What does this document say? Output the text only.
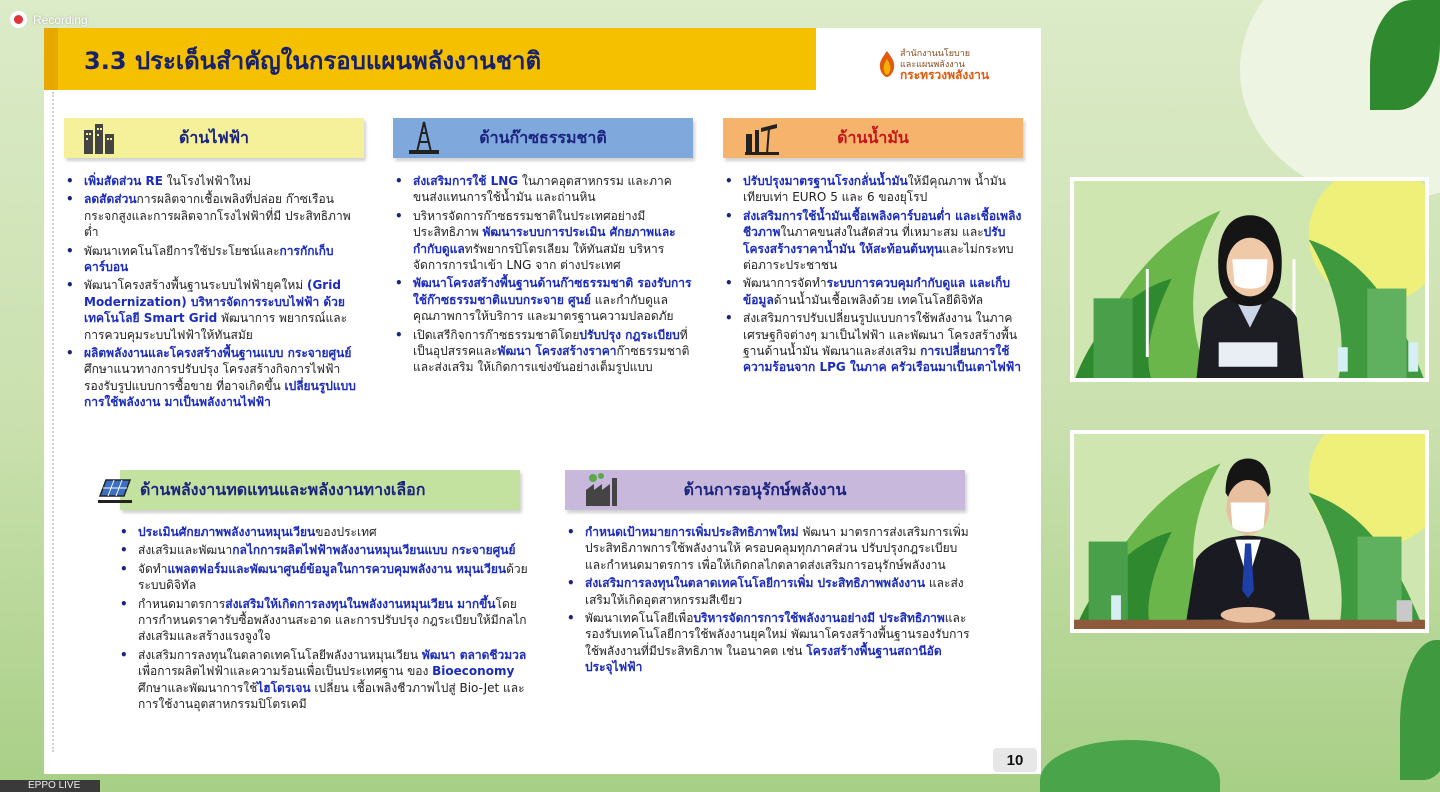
Recording
3.3 ประเด็นสำคัญในกรอบแผนพลังงานชาติ	สำนักงานนโยบาย
และแผนพลังงาน
กระทรวงพลังงาน
ด้านไฟฟ้า

• เพิ่มสัดส่วน RE ในโรงไฟฟ้าใหม่

• ลดสัดส่วนการผลิตจากเชื้อเพลิงที่ปล่อย ก๊าซเรือนกระจกสูงและการผลิตจากโรงไฟฟ้าที่มี ประสิทธิภาพต่ำ

• พัฒนาเทคโนโลยีการใช้ประโยชน์และการกักเก็บ คาร์บอน

• พัฒนาโครงสร้างพื้นฐานระบบไฟฟ้ายุคใหม่ (Grid Modernization) บริหารจัดการระบบไฟฟ้า ด้วยเทคโนโลยี Smart Grid พัฒนาการ พยากรณ์และการควบคุมระบบไฟฟ้าให้ทันสมัย

• ผลิตพลังงานและโครงสร้างพื้นฐานแบบ กระจายศูนย์ ศึกษาแนวทางการปรับปรุง โครงสร้างกิจการไฟฟ้ารองรับรูปแบบการซื้อขาย ที่อาจเกิดขึ้น เปลี่ยนรูปแบบการใช้พลังงาน มาเป็นพลังงานไฟฟ้า

ด้านก๊าซธรรมชาติ

• ส่งเสริมการใช้ LNG ในภาคอุตสาหกรรม และภาคขนส่งแทนการใช้น้ำมัน และถ่านหิน

• บริหารจัดการก๊าซธรรมชาติในประเทศอย่างมี ประสิทธิภาพ พัฒนาระบบการประเมิน ศักยภาพและกำกับดูแลทรัพยากรปิโตรเลียม ให้ทันสมัย บริหารจัดการการนำเข้า LNG จาก ต่างประเทศ

• พัฒนาโครงสร้างพื้นฐานด้านก๊าซธรรมชาติ รองรับการใช้ก๊าซธรรมชาติแบบกระจาย ศูนย์ และกำกับดูแลคุณภาพการให้บริการ และมาตรฐานความปลอดภัย

• เปิดเสรีกิจการก๊าซธรรมชาติโดยปรับปรุง กฎระเบียบที่เป็นอุปสรรคและพัฒนา โครงสร้างราคาก๊าซธรรมชาติ และส่งเสริม ให้เกิดการแข่งขันอย่างเต็มรูปแบบ

ด้านน้ำมัน

• ปรับปรุงมาตรฐานโรงกลั่นน้ำมันให้มีคุณภาพ น้ำมันเทียบเท่า EURO 5 และ 6 ของยุโรป

• ส่งเสริมการใช้น้ำมันเชื้อเพลิงคาร์บอนต่ำ และเชื้อเพลิงชีวภาพในภาคขนส่งในสัดส่วน ที่เหมาะสม และปรับโครงสร้างราคาน้ำมัน ให้สะท้อนต้นทุนและไม่กระทบต่อภาระประชาชน

• พัฒนาการจัดทำระบบการควบคุมกำกับดูแล และเก็บข้อมูลด้านน้ำมันเชื้อเพลิงด้วย เทคโนโลยีดิจิทัล

• ส่งเสริมการปรับเปลี่ยนรูปแบบการใช้พลังงาน ในภาคเศรษฐกิจต่างๆ มาเป็นไฟฟ้า และพัฒนา โครงสร้างพื้นฐานด้านน้ำมัน พัฒนาและส่งเสริม การเปลี่ยนการใช้ความร้อนจาก LPG ในภาค ครัวเรือนมาเป็นเตาไฟฟ้า

ด้านพลังงานทดแทนและพลังงานทางเลือก

• ประเมินศักยภาพพลังงานหมุนเวียนของประเทศ

• ส่งเสริมและพัฒนากลไกการผลิตไฟฟ้าพลังงานหมุนเวียนแบบ กระจายศูนย์

• จัดทำแพลตฟอร์มและพัฒนาศูนย์ข้อมูลในการควบคุมพลังงาน หมุนเวียนด้วยระบบดิจิทัล

• กำหนดมาตรการส่งเสริมให้เกิดการลงทุนในพลังงานหมุนเวียน มากขึ้นโดยการกำหนดราคารับซื้อพลังงานสะอาด และการปรับปรุง กฎระเบียบให้มีกลไกส่งเสริมและสร้างแรงจูงใจ

• ส่งเสริมการลงทุนในตลาดเทคโนโลยีพลังงานหมุนเวียน พัฒนา ตลาดชีวมวลเพื่อการผลิตไฟฟ้าและความร้อนเพื่อเป็นประเทศฐาน ของ Bioeconomy ศึกษาและพัฒนาการใช้ไฮโดรเจน เปลี่ยน เชื้อเพลิงชีวภาพไปสู่ Bio-Jet และการใช้งานอุตสาหกรรมปิโตรเคมี

ด้านการอนุรักษ์พลังงาน

• กำหนดเป้าหมายการเพิ่มประสิทธิภาพใหม่ พัฒนา มาตรการส่งเสริมการเพิ่มประสิทธิภาพการใช้พลังงานให้ ครอบคลุมทุกภาคส่วน ปรับปรุงกฎระเบียบและกำหนดมาตรการ เพื่อให้เกิดกลไกตลาดส่งเสริมการอนุรักษ์พลังงาน

• ส่งเสริมการลงทุนในตลาดเทคโนโลยีการเพิ่ม ประสิทธิภาพพลังงาน และส่งเสริมให้เกิดอุตสาหกรรมสีเขียว

• พัฒนาเทคโนโลยีเพื่อบริหารจัดการการใช้พลังงานอย่างมี ประสิทธิภาพและรองรับเทคโนโลยีการใช้พลังงานยุคใหม่ พัฒนาโครงสร้างพื้นฐานรองรับการใช้พลังงานที่มีประสิทธิภาพ ในอนาคต เช่น โครงสร้างพื้นฐานสถานีอัดประจุไฟฟ้า

10
EPPO LIVE
